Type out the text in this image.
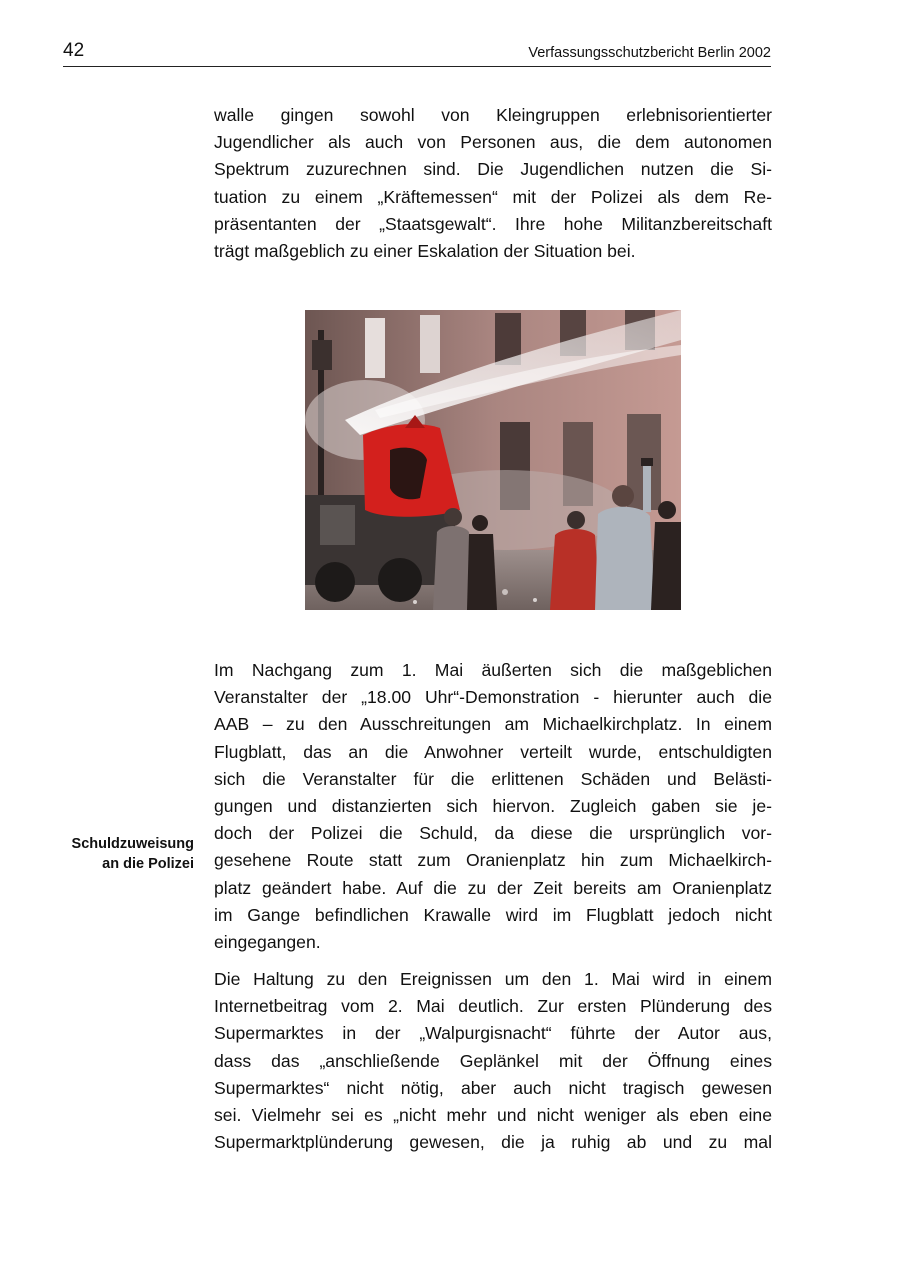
42	Verfassungsschutzbericht Berlin 2002

walle gingen sowohl von Kleingruppen erlebnisorientierter

Jugendlicher als auch von Personen aus, die dem autonomen

Spektrum zuzurechnen sind. Die Jugendlichen nutzen die Si-

tuation zu einem „Kräftemessen“ mit der Polizei als dem Re-

präsentanten der „Staatsgewalt“. Ihre hohe Militanzbereitschaft

trägt maßgeblich zu einer Eskalation der Situation bei.

Im Nachgang zum 1. Mai äußerten sich die maßgeblichen

Veranstalter der „18.00 Uhr“-Demonstration - hierunter auch die

AAB – zu den Ausschreitungen am Michaelkirchplatz. In einem

Flugblatt, das an die Anwohner verteilt wurde, entschuldigten

sich die Veranstalter für die erlittenen Schäden und Belästi-

gungen und distanzierten sich hiervon. Zugleich gaben sie je-

doch der Polizei die Schuld, da diese die ursprünglich vor-

gesehene Route statt zum Oranienplatz hin zum Michaelkirch-

platz geändert habe. Auf die zu der Zeit bereits am Oranienplatz

im Gange befindlichen Krawalle wird im Flugblatt jedoch nicht

eingegangen.

Schuldzuweisung
an die Polizei

Die Haltung zu den Ereignissen um den 1. Mai wird in einem

Internetbeitrag vom 2. Mai deutlich. Zur ersten Plünderung des

Supermarktes in der „Walpurgisnacht“ führte der Autor aus,

dass das „anschließende Geplänkel mit der Öffnung eines

Supermarktes“ nicht nötig, aber auch nicht tragisch gewesen

sei. Vielmehr sei es „nicht mehr und nicht weniger als eben eine

Supermarktplünderung gewesen, die ja ruhig ab und zu mal
